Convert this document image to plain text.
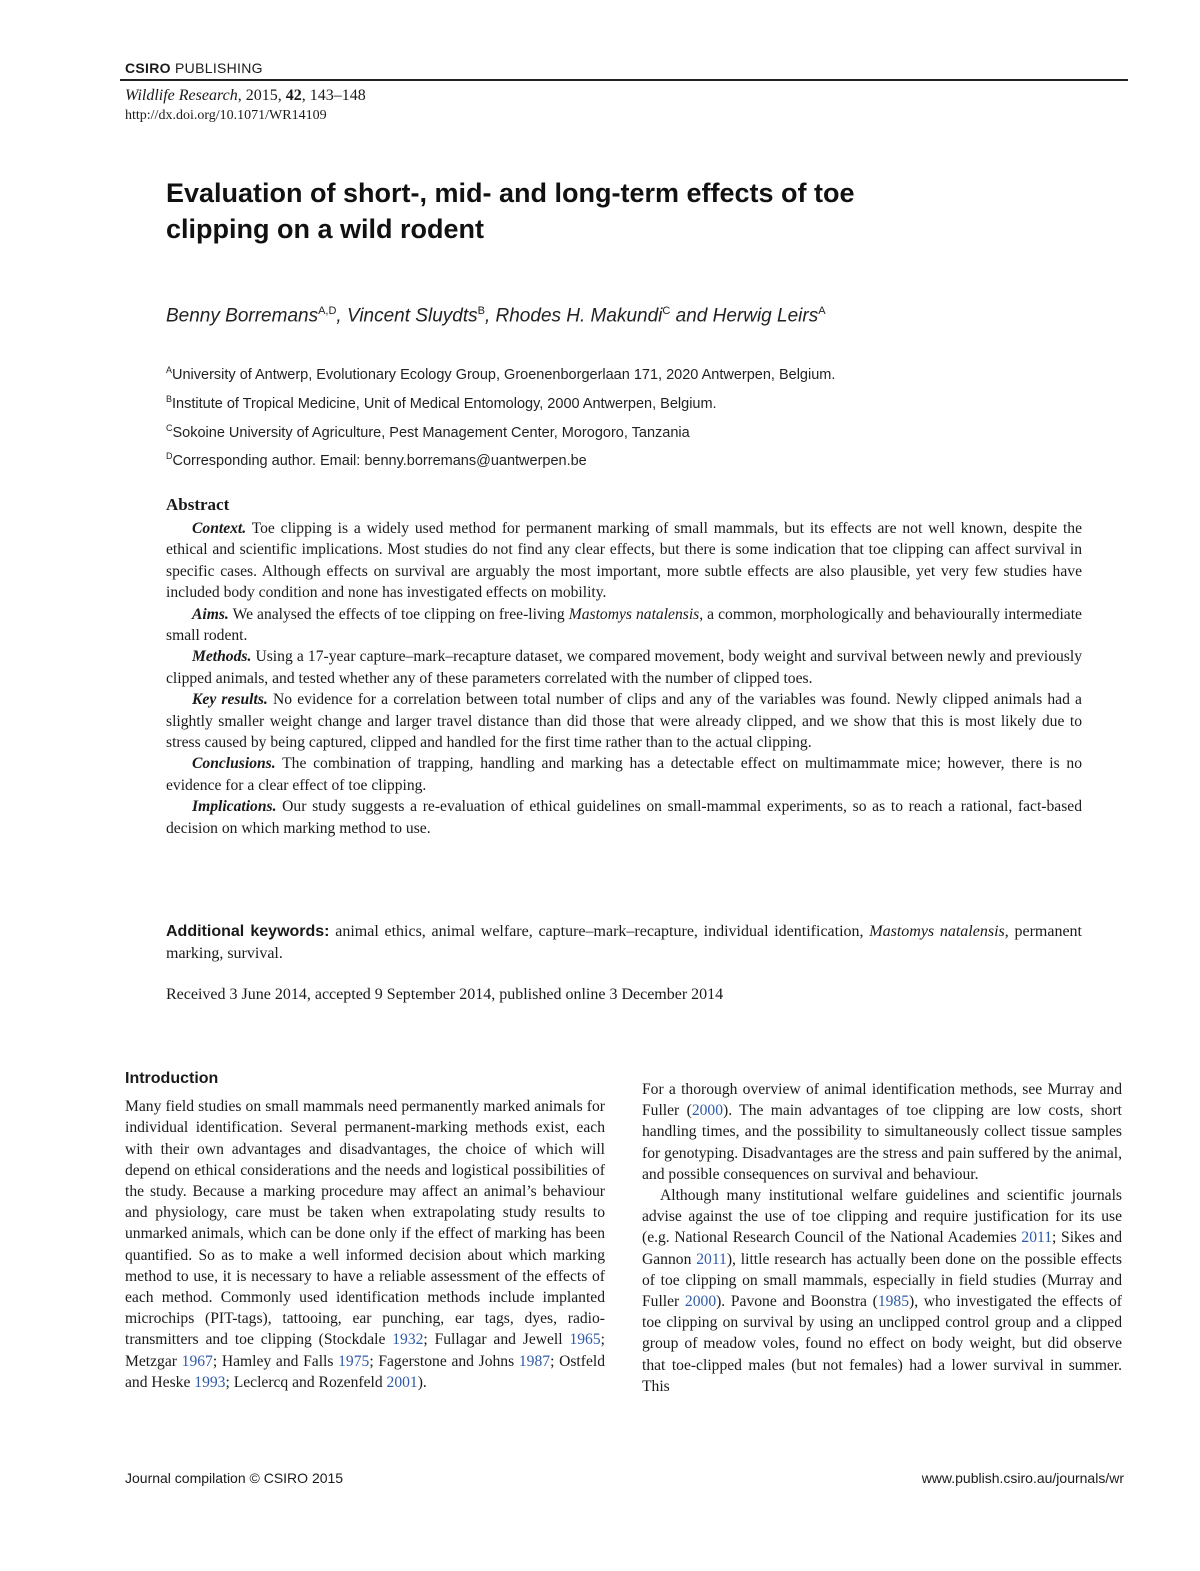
CSIRO PUBLISHING
Wildlife Research, 2015, 42, 143–148
http://dx.doi.org/10.1071/WR14109
Evaluation of short-, mid- and long-term effects of toe
clipping on a wild rodent
Benny Borremans$^{A,D}$, Vincent Sluydts$^B$, Rhodes H. Makundi$^C$ and Herwig Leirs$^A$
$^A$University of Antwerp, Evolutionary Ecology Group, Groenenborgerlaan 171, 2020 Antwerpen, Belgium.
$^B$Institute of Tropical Medicine, Unit of Medical Entomology, 2000 Antwerpen, Belgium.
$^C$Sokoine University of Agriculture, Pest Management Center, Morogoro, Tanzania
$^D$Corresponding author. Email: benny.borremans@uantwerpen.be
Abstract

Context. Toe clipping is a widely used method for permanent marking of small mammals, but its effects are not well known, despite the ethical and scientific implications. Most studies do not find any clear effects, but there is some indication that toe clipping can affect survival in specific cases. Although effects on survival are arguably the most important, more subtle effects are also plausible, yet very few studies have included body condition and none has investigated effects on mobility.

Aims. We analysed the effects of toe clipping on free-living Mastomys natalensis, a common, morphologically and behaviourally intermediate small rodent.

Methods. Using a 17-year capture–mark–recapture dataset, we compared movement, body weight and survival between newly and previously clipped animals, and tested whether any of these parameters correlated with the number of clipped toes.

Key results. No evidence for a correlation between total number of clips and any of the variables was found. Newly clipped animals had a slightly smaller weight change and larger travel distance than did those that were already clipped, and we show that this is most likely due to stress caused by being captured, clipped and handled for the first time rather than to the actual clipping.

Conclusions. The combination of trapping, handling and marking has a detectable effect on multimammate mice; however, there is no evidence for a clear effect of toe clipping.

Implications. Our study suggests a re-evaluation of ethical guidelines on small-mammal experiments, so as to reach a rational, fact-based decision on which marking method to use.

Additional keywords: animal ethics, animal welfare, capture–mark–recapture, individual identification, Mastomys natalensis, permanent marking, survival.
Received 3 June 2014, accepted 9 September 2014, published online 3 December 2014
Introduction

Many field studies on small mammals need permanently marked animals for individual identification. Several permanent-marking methods exist, each with their own advantages and disadvantages, the choice of which will depend on ethical considerations and the needs and logistical possibilities of the study. Because a marking procedure may affect an animal’s behaviour and physiology, care must be taken when extrapolating study results to unmarked animals, which can be done only if the effect of marking has been quantified. So as to make a well informed decision about which marking method to use, it is necessary to have a reliable assessment of the effects of each method. Commonly used identification methods include implanted microchips (PIT-tags), tattooing, ear punching, ear tags, dyes, radio-transmitters and toe clipping (Stockdale 1932; Fullagar and Jewell 1965; Metzgar 1967; Hamley and Falls 1975; Fagerstone and Johns 1987; Ostfeld and Heske 1993; Leclercq and Rozenfeld 2001).

For a thorough overview of animal identification methods, see Murray and Fuller (2000). The main advantages of toe clipping are low costs, short handling times, and the possibility to simultaneously collect tissue samples for genotyping. Disadvantages are the stress and pain suffered by the animal, and possible consequences on survival and behaviour.

Although many institutional welfare guidelines and scientific journals advise against the use of toe clipping and require justification for its use (e.g. National Research Council of the National Academies 2011; Sikes and Gannon 2011), little research has actually been done on the possible effects of toe clipping on small mammals, especially in field studies (Murray and Fuller 2000). Pavone and Boonstra (1985), who investigated the effects of toe clipping on survival by using an unclipped control group and a clipped group of meadow voles, found no effect on body weight, but did observe that toe-clipped males (but not females) had a lower survival in summer. This

Journal compilation © CSIRO 2015	www.publish.csiro.au/journals/wr
